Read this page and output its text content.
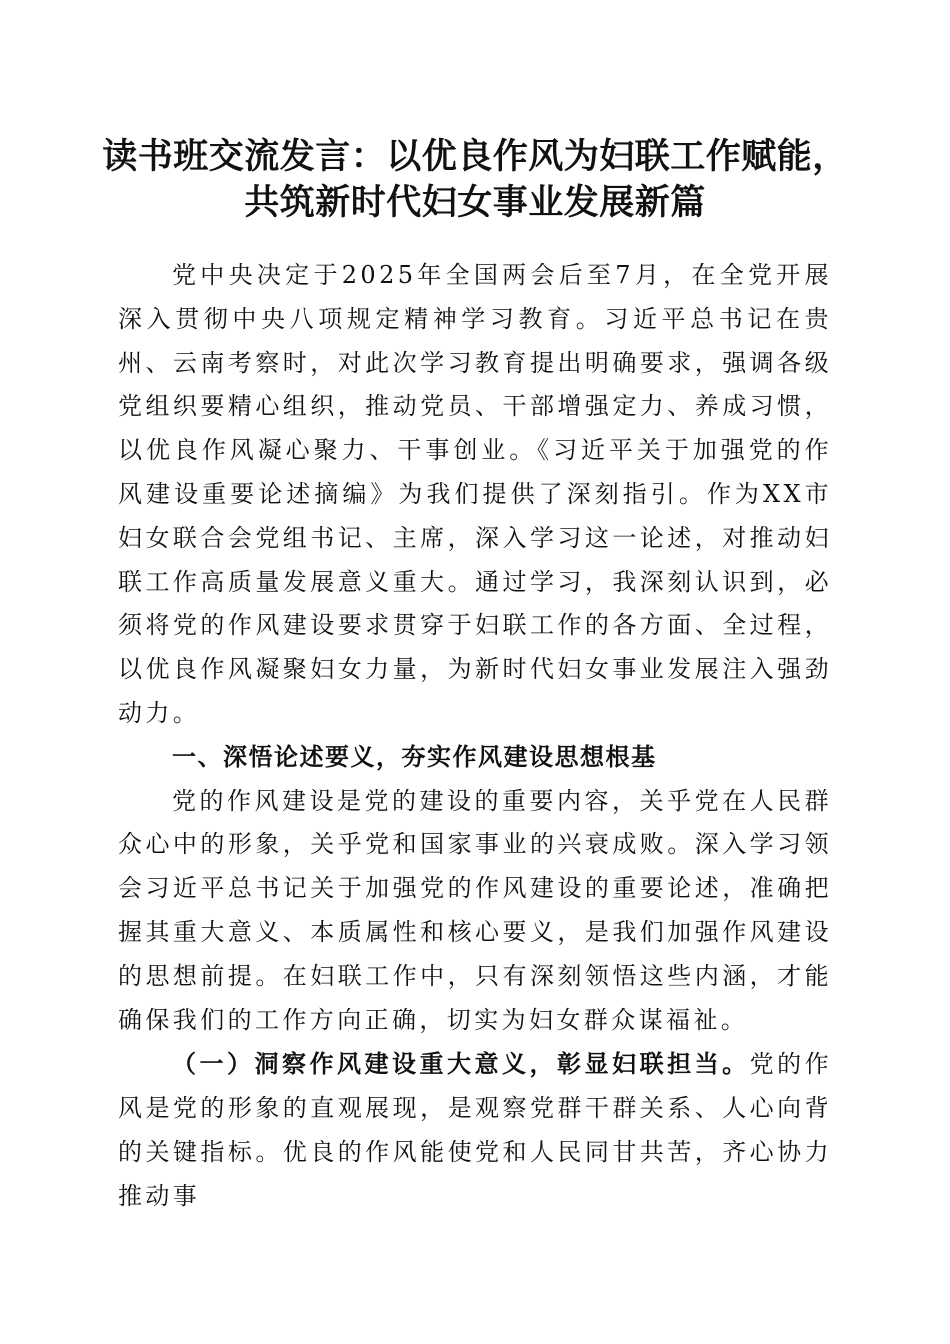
读书班交流发言：以优良作风为妇联工作赋能，
共筑新时代妇女事业发展新篇

党中央决定于2025年全国两会后至7月，在全党开展深入贯彻中央八项规定精神学习教育。习近平总书记在贵州、云南考察时，对此次学习教育提出明确要求，强调各级党组织要精心组织，推动党员、干部增强定力、养成习惯，以优良作风凝心聚力、干事创业。《习近平关于加强党的作风建设重要论述摘编》为我们提供了深刻指引。作为XX市妇女联合会党组书记、主席，深入学习这一论述，对推动妇联工作高质量发展意义重大。通过学习，我深刻认识到，必须将党的作风建设要求贯穿于妇联工作的各方面、全过程，以优良作风凝聚妇女力量，为新时代妇女事业发展注入强劲动力。

一、深悟论述要义，夯实作风建设思想根基

党的作风建设是党的建设的重要内容，关乎党在人民群众心中的形象，关乎党和国家事业的兴衰成败。深入学习领会习近平总书记关于加强党的作风建设的重要论述，准确把握其重大意义、本质属性和核心要义，是我们加强作风建设的思想前提。在妇联工作中，只有深刻领悟这些内涵，才能确保我们的工作方向正确，切实为妇女群众谋福祉。

（一）洞察作风建设重大意义，彰显妇联担当。党的作风是党的形象的直观展现，是观察党群干群关系、人心向背的关键指标。优良的作风能使党和人民同甘共苦，齐心协力推动事
